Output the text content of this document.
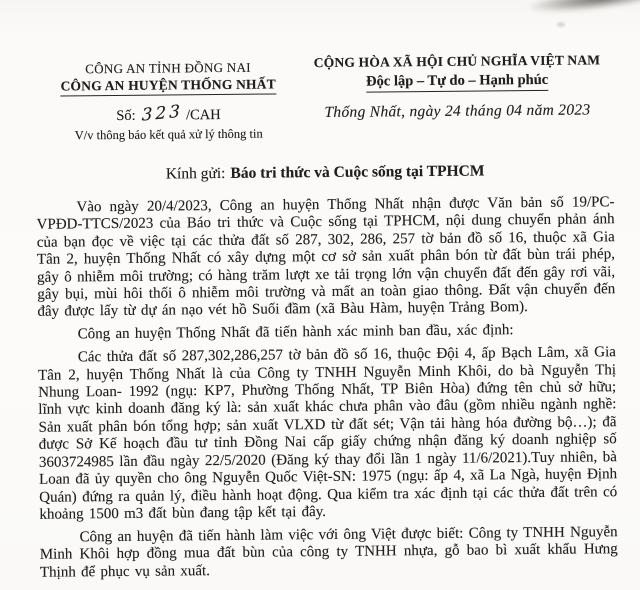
CÔNG AN TỈNH ĐỒNG NAI
CÔNG AN HUYỆN THỐNG NHẤT
Số: 323 /CAH
V/v thông báo kết quả xử lý thông tin
CỘNG HÒA XÃ HỘI CHỦ NGHĨA VIỆT NAM
Độc lập – Tự do – Hạnh phúc
Thống Nhất, ngày 24 tháng 04 năm 2023
Kính gửi: Báo tri thức và Cuộc sống tại TPHCM

Vào ngày 20/4/2023, Công an huyện Thống Nhất nhận được Văn bản số 19/PC-VPĐD-TTCS/2023 của Báo tri thức và Cuộc sống tại TPHCM, nội dung chuyển phản ánh của bạn đọc về việc tại các thửa đất số 287, 302, 286, 257 tờ bản đồ số 16, thuộc xã Gia Tân 2, huyện Thống Nhất có xây dựng một cơ sở sản xuất phân bón từ đất bùn trái phép, gây ô nhiễm môi trường; có hàng trăm lượt xe tải trọng lớn vận chuyển đất đến gây rơi vãi, gây bụi, mùi hôi thối ô nhiễm môi trường và mất an toàn giao thông. Đất vận chuyển đến đây được lấy từ dự án nạo vét hồ Suối đầm (xã Bàu Hàm, huyện Trảng Bom).

Công an huyện Thống Nhất đã tiến hành xác minh ban đầu, xác định:

Các thửa đất số 287,302,286,257 tờ bản đồ số 16, thuộc Đội 4, ấp Bạch Lâm, xã Gia Tân 2, huyện Thống Nhất là của Công ty TNHH Nguyễn Minh Khôi, do bà Nguyễn Thị Nhung Loan- 1992 (ngụ: KP7, Phường Thống Nhất, TP Biên Hòa) đứng tên chủ sở hữu; lĩnh vực kinh doanh đăng ký là: sản xuất khác chưa phân vào đâu (gồm nhiều ngành nghề: Sản xuất phân bón tổng hợp; sản xuất VLXD từ đất sét; Vận tải hàng hóa đường bộ…); đã được Sở Kế hoạch đầu tư tỉnh Đồng Nai cấp giấy chứng nhận đăng ký doanh nghiệp số 3603724985 lần đầu ngày 22/5/2020 (Đăng ký thay đổi lần 1 ngày 11/6/2021).Tuy nhiên, bà Loan đã ủy quyền cho ông Nguyễn Quốc Việt-SN: 1975 (ngụ: ấp 4, xã La Ngà, huyện Định Quán) đứng ra quản lý, điều hành hoạt động. Qua kiểm tra xác định tại các thửa đất trên có khoảng 1500 m3 đất bùn đang tập kết tại đây.

Công an huyện đã tiến hành làm việc với ông Việt được biết: Công ty TNHH Nguyễn Minh Khôi hợp đồng mua đất bùn của công ty TNHH nhựa, gỗ bao bì xuất khẩu Hưng Thịnh để phục vụ sản xuất.
